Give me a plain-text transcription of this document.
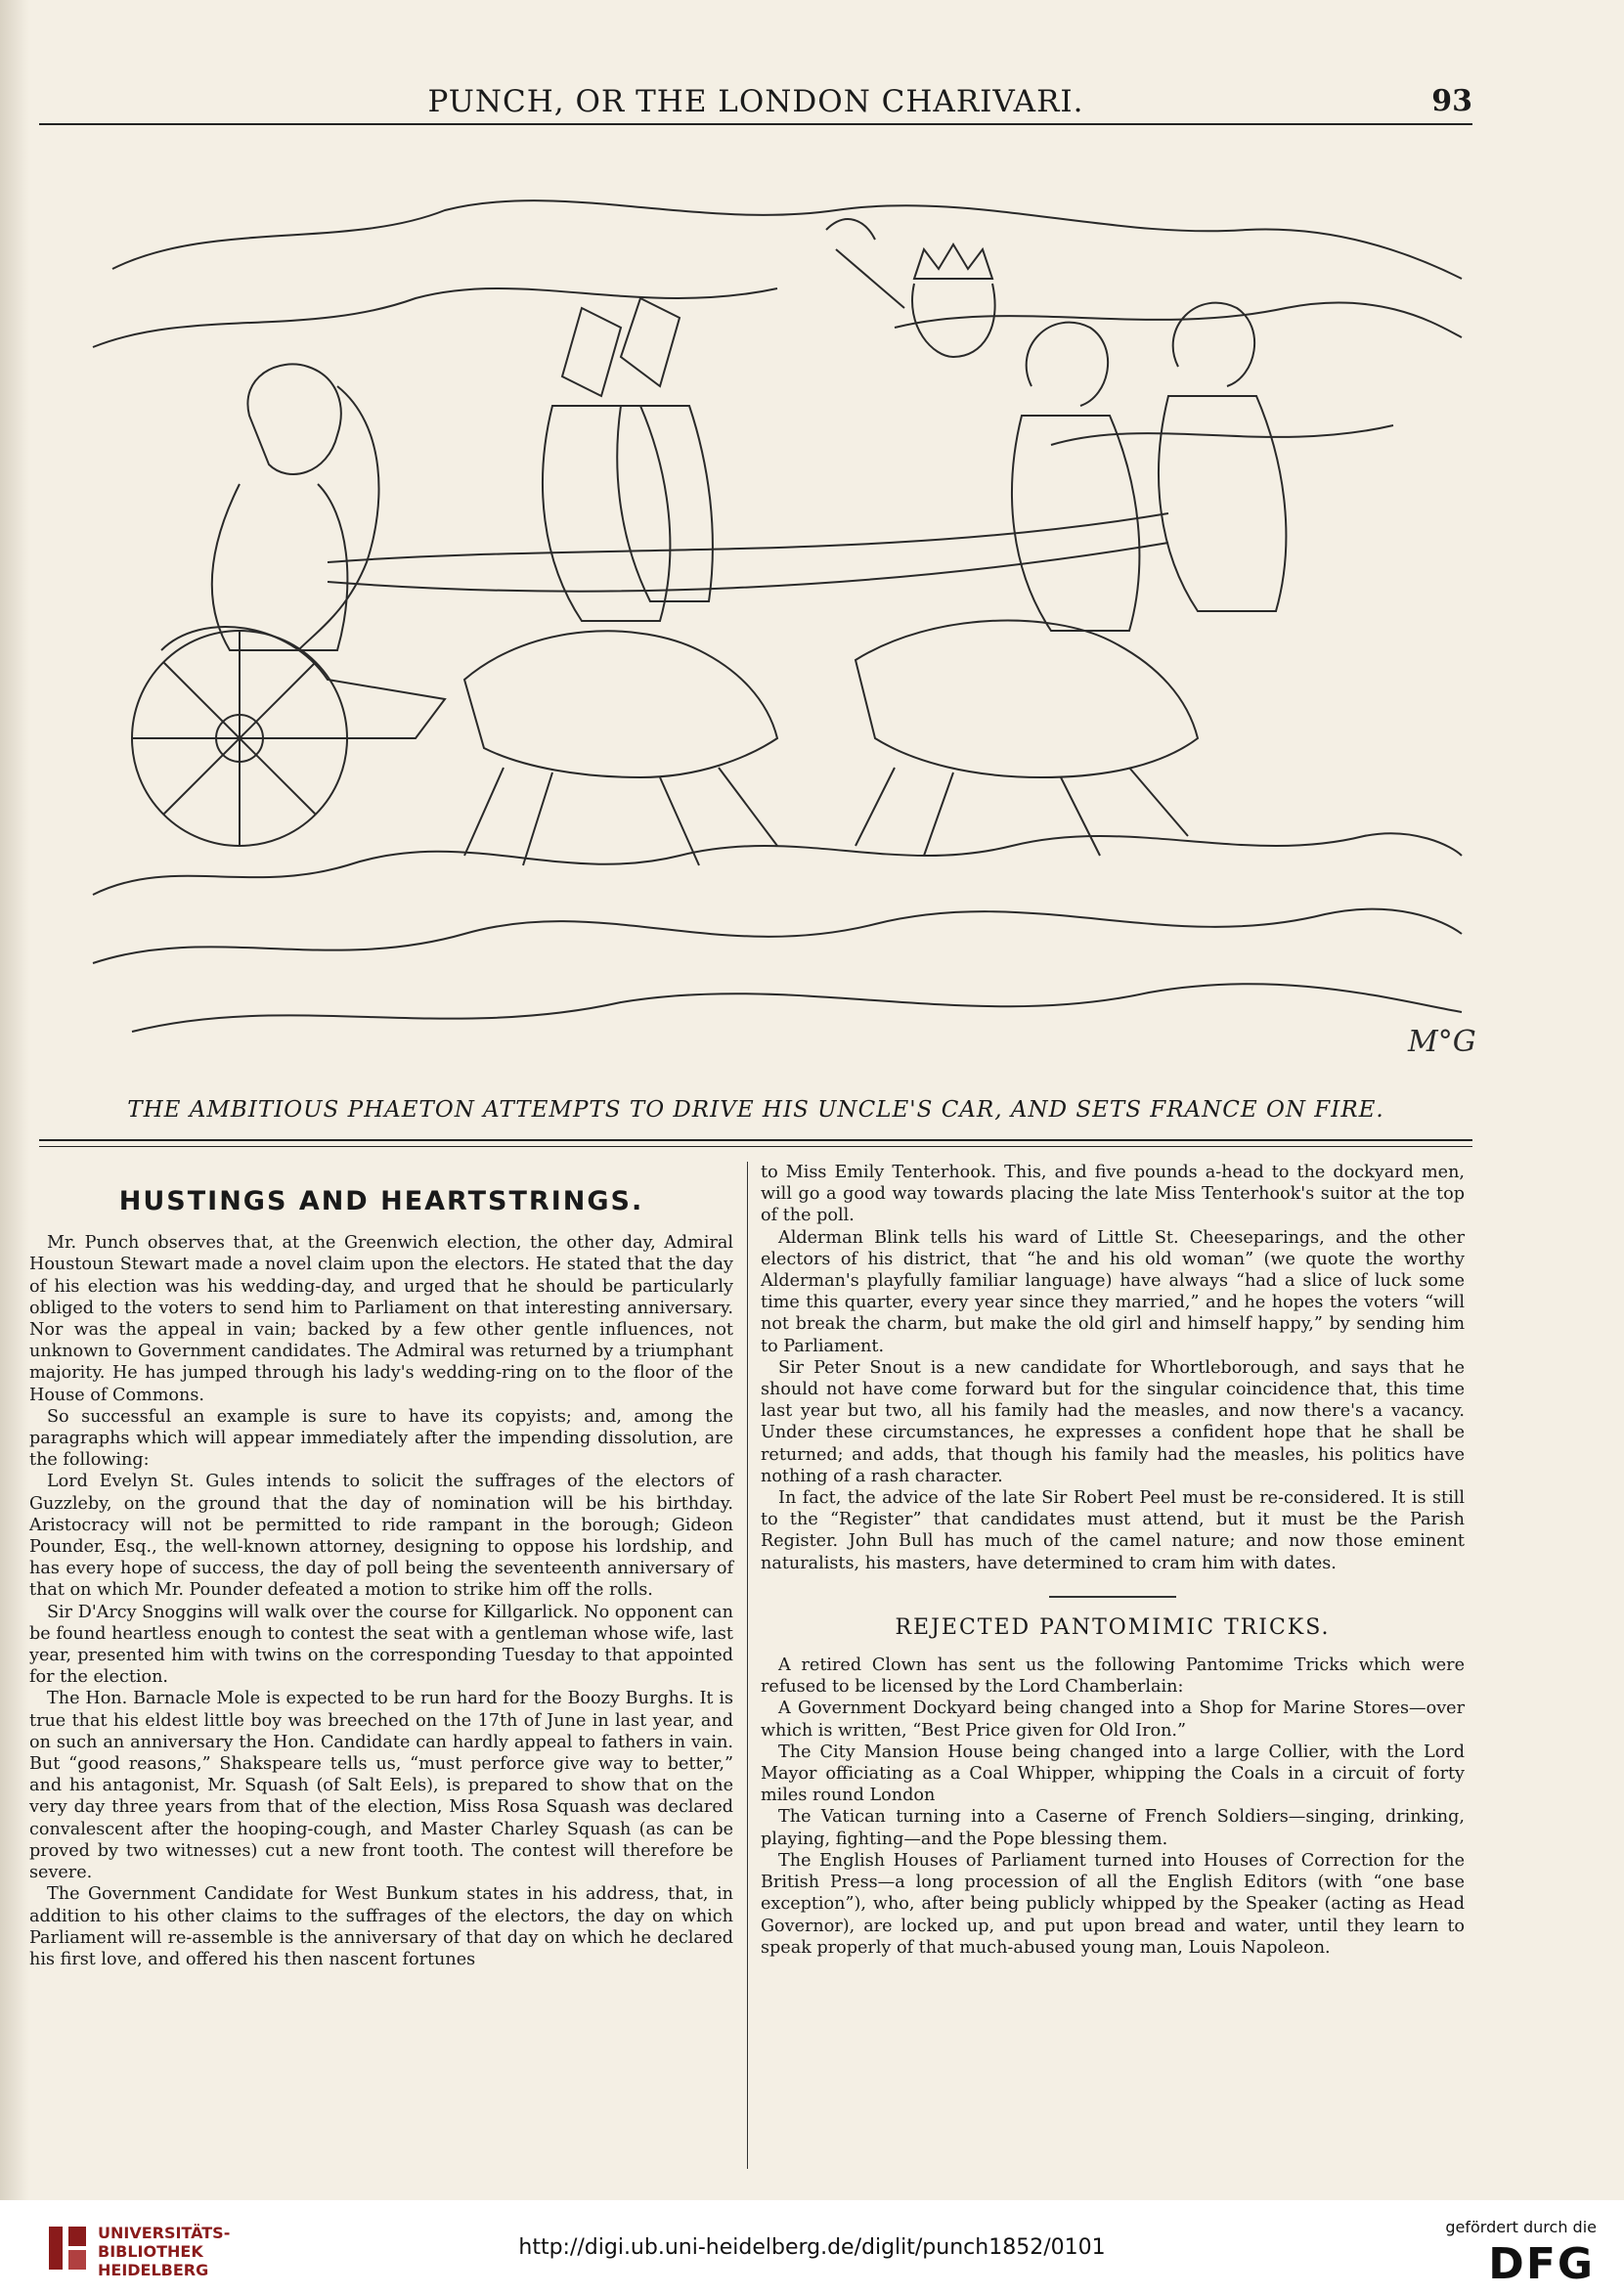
PUNCH, OR THE LONDON CHARIVARI.	93
M°G
THE AMBITIOUS PHAETON ATTEMPTS TO DRIVE HIS UNCLE'S CAR, AND SETS FRANCE ON FIRE.

HUSTINGS AND HEARTSTRINGS.

Mr. Punch observes that, at the Greenwich election, the other day, Admiral Houstoun Stewart made a novel claim upon the electors. He stated that the day of his election was his wedding-day, and urged that he should be particularly obliged to the voters to send him to Parliament on that interesting anniversary. Nor was the appeal in vain; backed by a few other gentle influences, not unknown to Government candidates. The Admiral was returned by a triumphant majority. He has jumped through his lady's wedding-ring on to the floor of the House of Commons.

So successful an example is sure to have its copyists; and, among the paragraphs which will appear immediately after the impending dissolution, are the following:

Lord Evelyn St. Gules intends to solicit the suffrages of the electors of Guzzleby, on the ground that the day of nomination will be his birthday. Aristocracy will not be permitted to ride rampant in the borough; Gideon Pounder, Esq., the well-known attorney, designing to oppose his lordship, and has every hope of success, the day of poll being the seventeenth anniversary of that on which Mr. Pounder defeated a motion to strike him off the rolls.

Sir D'Arcy Snoggins will walk over the course for Killgarlick. No opponent can be found heartless enough to contest the seat with a gentleman whose wife, last year, presented him with twins on the corresponding Tuesday to that appointed for the election.

The Hon. Barnacle Mole is expected to be run hard for the Boozy Burghs. It is true that his eldest little boy was breeched on the 17th of June in last year, and on such an anniversary the Hon. Candidate can hardly appeal to fathers in vain. But “good reasons,” Shakspeare tells us, “must perforce give way to better,” and his antagonist, Mr. Squash (of Salt Eels), is prepared to show that on the very day three years from that of the election, Miss Rosa Squash was declared convalescent after the hooping-cough, and Master Charley Squash (as can be proved by two witnesses) cut a new front tooth. The contest will therefore be severe.

The Government Candidate for West Bunkum states in his address, that, in addition to his other claims to the suffrages of the electors, the day on which Parliament will re-assemble is the anniversary of that day on which he declared his first love, and offered his then nascent fortunes

to Miss Emily Tenterhook. This, and five pounds a-head to the dockyard men, will go a good way towards placing the late Miss Tenterhook's suitor at the top of the poll.

Alderman Blink tells his ward of Little St. Cheeseparings, and the other electors of his district, that “he and his old woman” (we quote the worthy Alderman's playfully familiar language) have always “had a slice of luck some time this quarter, every year since they married,” and he hopes the voters “will not break the charm, but make the old girl and himself happy,” by sending him to Parliament.

Sir Peter Snout is a new candidate for Whortleborough, and says that he should not have come forward but for the singular coincidence that, this time last year but two, all his family had the measles, and now there's a vacancy. Under these circumstances, he expresses a confident hope that he shall be returned; and adds, that though his family had the measles, his politics have nothing of a rash character.

In fact, the advice of the late Sir Robert Peel must be re-considered. It is still to the “Register” that candidates must attend, but it must be the Parish Register. John Bull has much of the camel nature; and now those eminent naturalists, his masters, have determined to cram him with dates.

REJECTED PANTOMIMIC TRICKS.

A retired Clown has sent us the following Pantomime Tricks which were refused to be licensed by the Lord Chamberlain:

A Government Dockyard being changed into a Shop for Marine Stores—over which is written, “Best Price given for Old Iron.”

The City Mansion House being changed into a large Collier, with the Lord Mayor officiating as a Coal Whipper, whipping the Coals in a circuit of forty miles round London

The Vatican turning into a Caserne of French Soldiers—singing, drinking, playing, fighting—and the Pope blessing them.

The English Houses of Parliament turned into Houses of Correction for the British Press—a long procession of all the English Editors (with “one base exception”), who, after being publicly whipped by the Speaker (acting as Head Governor), are locked up, and put upon bread and water, until they learn to speak properly of that much-abused young man, Louis Napoleon.

UNIVERSITÄTS- BIBLIOTHEK HEIDELBERG
http://digi.ub.uni-heidelberg.de/diglit/punch1852/0101
gefördert durch die
DFG
